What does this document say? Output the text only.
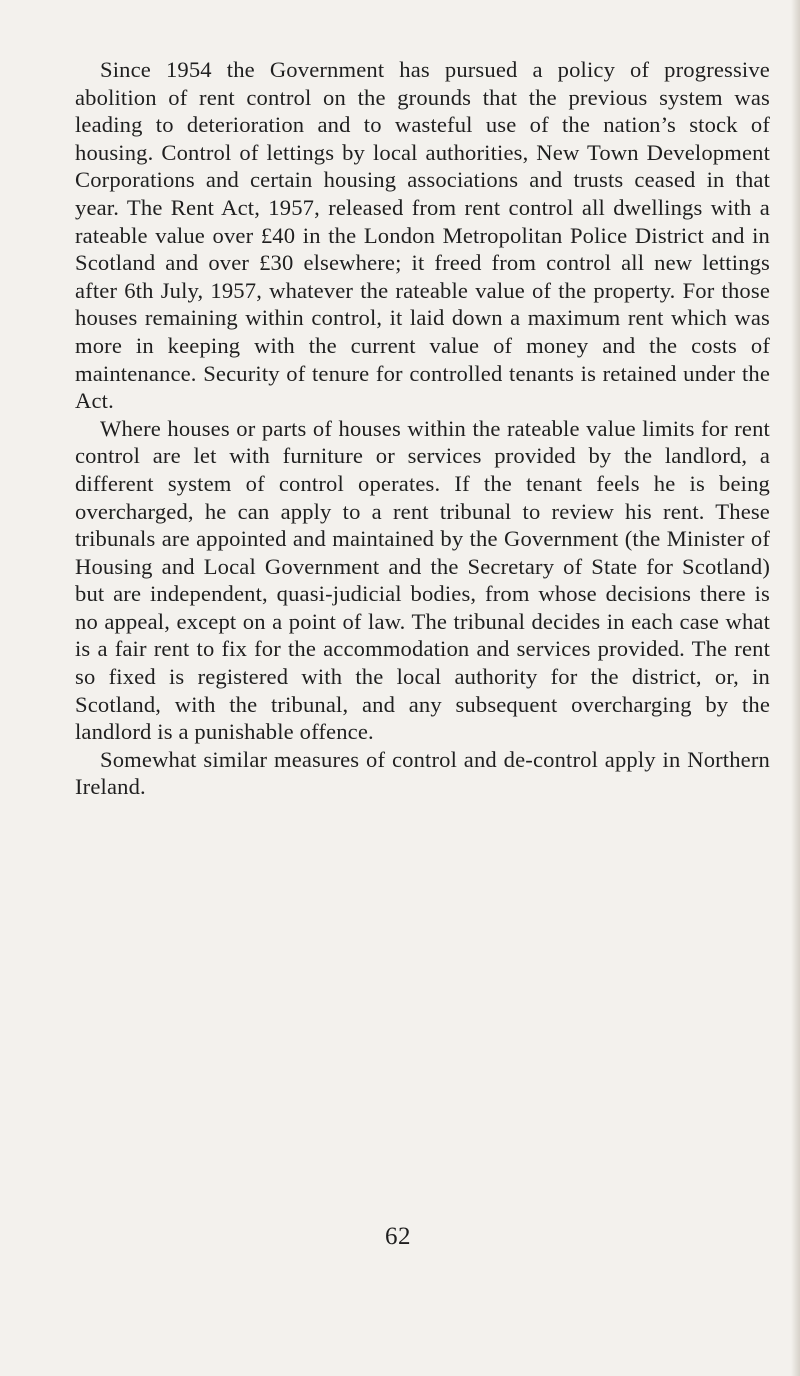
Since 1954 the Government has pursued a policy of progressive abolition of rent control on the grounds that the previous system was leading to deterioration and to wasteful use of the nation’s stock of housing. Control of lettings by local authorities, New Town Development Corporations and certain housing associations and trusts ceased in that year. The Rent Act, 1957, released from rent control all dwellings with a rateable value over £40 in the London Metropolitan Police District and in Scotland and over £30 elsewhere; it freed from control all new lettings after 6th July, 1957, whatever the rateable value of the property. For those houses remaining within control, it laid down a maximum rent which was more in keeping with the current value of money and the costs of maintenance. Security of tenure for controlled tenants is retained under the Act.

Where houses or parts of houses within the rateable value limits for rent control are let with furniture or services provided by the landlord, a different system of control operates. If the tenant feels he is being overcharged, he can apply to a rent tribunal to review his rent. These tribunals are appointed and maintained by the Government (the Minister of Housing and Local Government and the Secretary of State for Scotland) but are independent, quasi-judicial bodies, from whose decisions there is no appeal, except on a point of law. The tribunal decides in each case what is a fair rent to fix for the accommodation and services provided. The rent so fixed is registered with the local authority for the district, or, in Scotland, with the tribunal, and any subsequent overcharging by the landlord is a punishable offence.

Somewhat similar measures of control and de-control apply in Northern Ireland.

62
